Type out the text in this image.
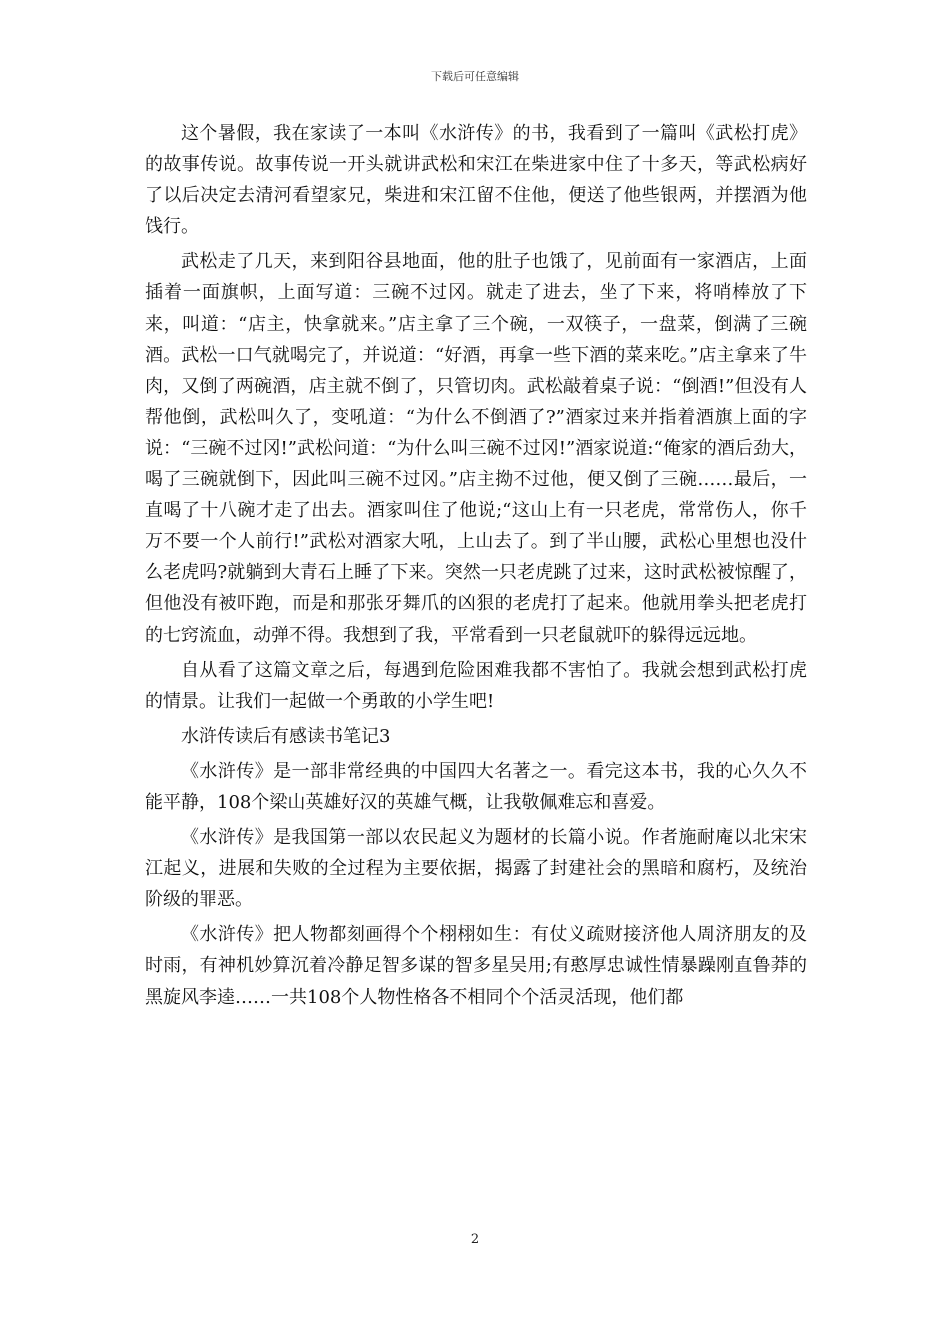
下载后可任意编辑

这个暑假，我在家读了一本叫《水浒传》的书，我看到了一篇叫《武松打虎》的故事传说。故事传说一开头就讲武松和宋江在柴进家中住了十多天，等武松病好了以后决定去清河看望家兄，柴进和宋江留不住他，便送了他些银两，并摆酒为他饯行。

武松走了几天，来到阳谷县地面，他的肚子也饿了，见前面有一家酒店，上面插着一面旗帜，上面写道：三碗不过冈。就走了进去，坐了下来，将哨棒放了下来，叫道：“店主，快拿就来。”店主拿了三个碗，一双筷子，一盘菜，倒满了三碗酒。武松一口气就喝完了，并说道：“好酒，再拿一些下酒的菜来吃。”店主拿来了牛肉，又倒了两碗酒，店主就不倒了，只管切肉。武松敲着桌子说：“倒酒!”但没有人帮他倒，武松叫久了，变吼道：“为什么不倒酒了?”酒家过来并指着酒旗上面的字说：“三碗不过冈!”武松问道：“为什么叫三碗不过冈!”酒家说道:“俺家的酒后劲大，喝了三碗就倒下，因此叫三碗不过冈。”店主拗不过他，便又倒了三碗……最后，一直喝了十八碗才走了出去。酒家叫住了他说;“这山上有一只老虎，常常伤人，你千万不要一个人前行!”武松对酒家大吼，上山去了。到了半山腰，武松心里想也没什么老虎吗?就躺到大青石上睡了下来。突然一只老虎跳了过来，这时武松被惊醒了，但他没有被吓跑，而是和那张牙舞爪的凶狠的老虎打了起来。他就用拳头把老虎打的七窍流血，动弹不得。我想到了我，平常看到一只老鼠就吓的躲得远远地。

自从看了这篇文章之后，每遇到危险困难我都不害怕了。我就会想到武松打虎的情景。让我们一起做一个勇敢的小学生吧!

水浒传读后有感读书笔记3

《水浒传》是一部非常经典的中国四大名著之一。看完这本书，我的心久久不能平静，108个梁山英雄好汉的英雄气概，让我敬佩难忘和喜爱。

《水浒传》是我国第一部以农民起义为题材的长篇小说。作者施耐庵以北宋宋江起义，进展和失败的全过程为主要依据，揭露了封建社会的黑暗和腐朽，及统治阶级的罪恶。

《水浒传》把人物都刻画得个个栩栩如生：有仗义疏财接济他人周济朋友的及时雨，有神机妙算沉着冷静足智多谋的智多星吴用;有憨厚忠诚性情暴躁刚直鲁莽的黑旋风李逵……一共108个人物性格各不相同个个活灵活现，他们都

2
